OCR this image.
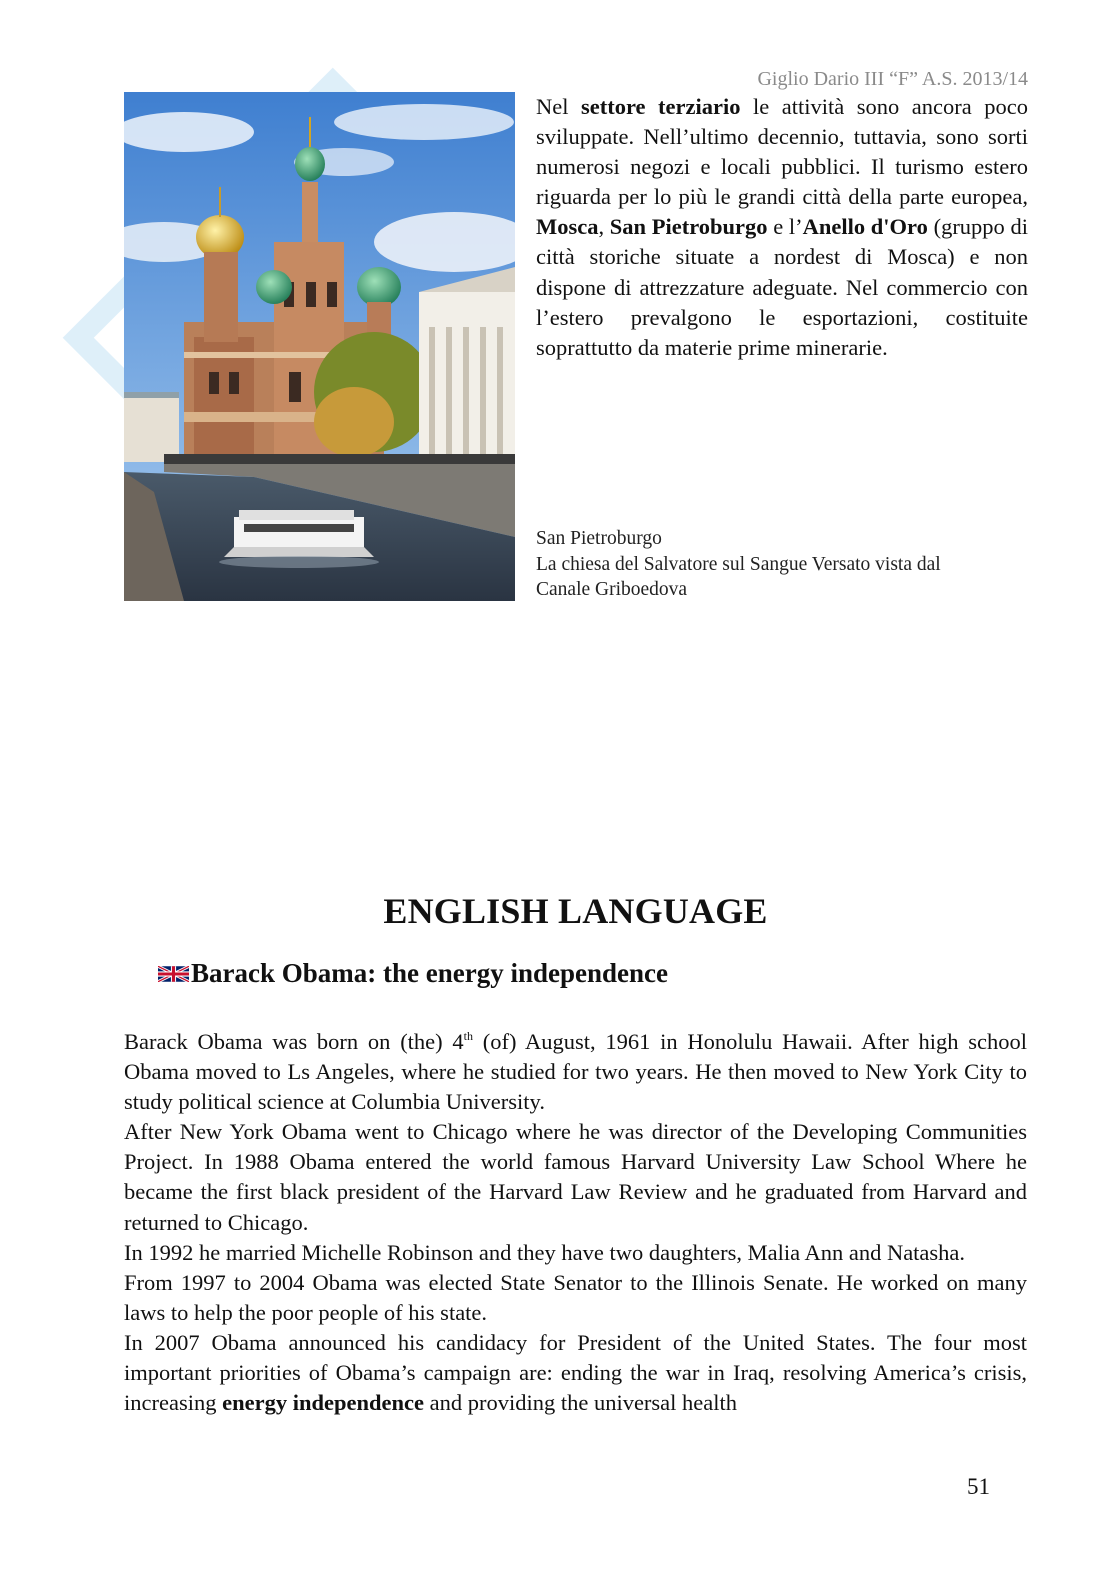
Giglio Dario III “F” A.S. 2013/14
Nel settore terziario le attività sono ancora poco sviluppate. Nell’ultimo decennio, tuttavia, sono sorti numerosi negozi e locali pubblici. Il turismo estero riguarda per lo più le grandi città della parte europea, Mosca, San Pietroburgo e l’Anello d'Oro (gruppo di città storiche situate a nordest di Mosca) e non dispone di attrezzature adeguate. Nel commercio con l’estero prevalgono le esportazioni, costituite soprattutto da materie prime minerarie.
San Pietroburgo
La chiesa del Salvatore sul Sangue Versato vista dal
Canale Griboedova
ENGLISH LANGUAGE
Barack Obama: the energy independence

Barack Obama was born on (the) 4th (of) August, 1961 in Honolulu Hawaii. After high school Obama moved to Ls Angeles, where he studied for two years. He then moved to New York City to study political science at Columbia University.

After New York Obama went to Chicago where he was director of the Developing Communities Project. In 1988 Obama entered the world famous Harvard University Law School Where he became the first black president of the Harvard Law Review and he graduated from Harvard and returned to Chicago.

In 1992 he married Michelle Robinson and they have two daughters, Malia Ann and Natasha.

From 1997 to 2004 Obama was elected State Senator to the Illinois Senate. He worked on many laws to help the poor people of his state.

In 2007 Obama announced his candidacy for President of the United States. The four most important priorities of Obama’s campaign are: ending the war in Iraq, resolving America’s crisis, increasing energy independence and providing the universal health

51
